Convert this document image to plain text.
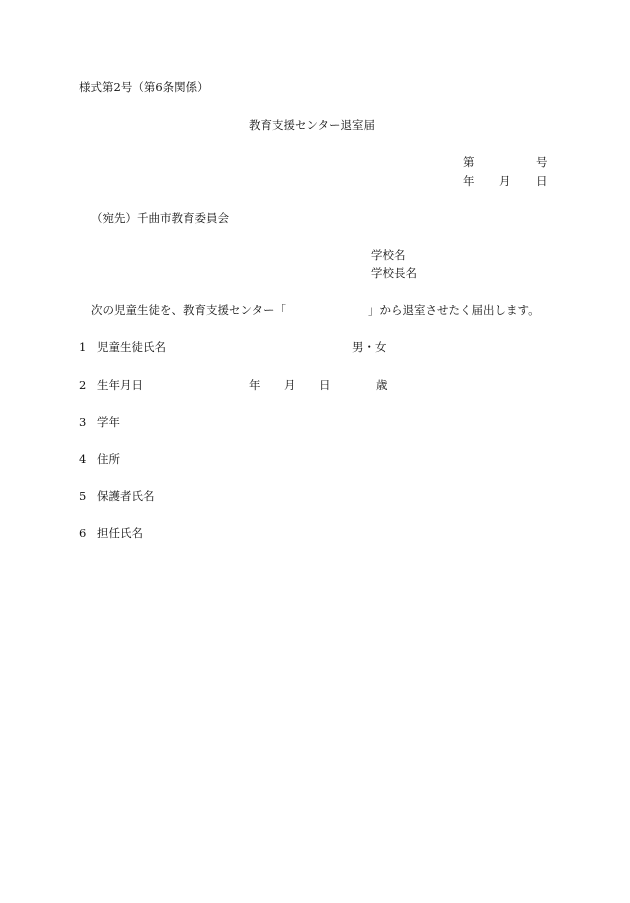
様式第2号（第6条関係）
教育支援センター退室届
第	号
年 月 日
（宛先）千曲市教育委員会
学校名
学校長名
次の児童生徒を、教育支援センター「	」から退室させたく届出します。
1 児童生徒氏名	男・女
2 生年月日	年 月 日	歳
3 学年
4 住所
5 保護者氏名
6 担任氏名
